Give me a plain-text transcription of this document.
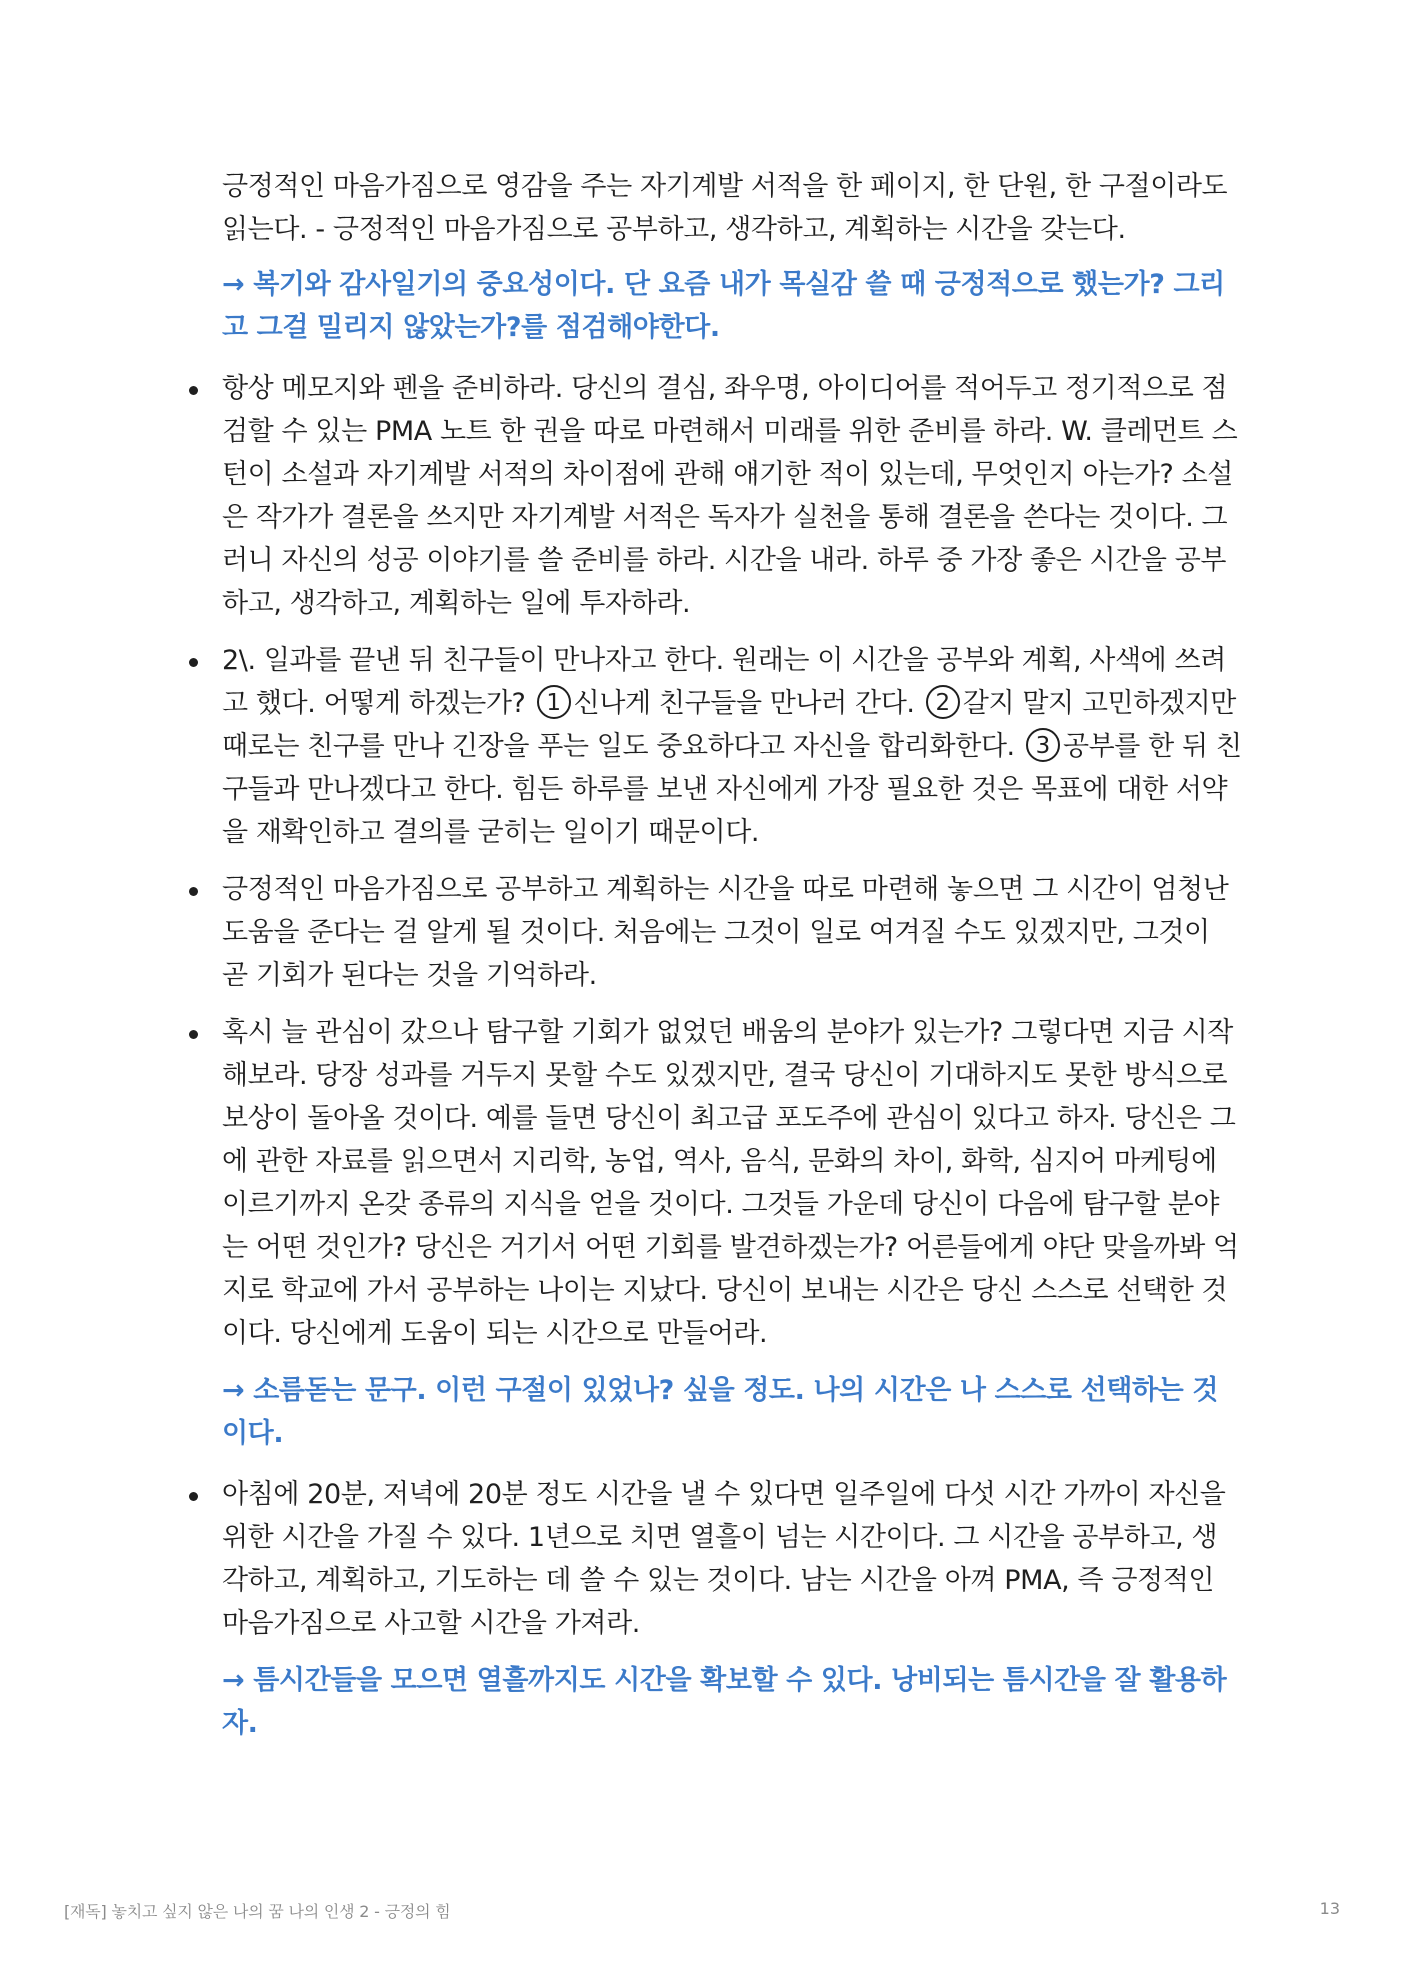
긍정적인 마음가짐으로 영감을 주는 자기계발 서적을 한 페이지, 한 단원, 한 구절이라도 읽는다. - 긍정적인 마음가짐으로 공부하고, 생각하고, 계획하는 시간을 갖는다.

→ 복기와 감사일기의 중요성이다. 단 요즘 내가 목실감 쓸 때 긍정적으로 했는가? 그리고 그걸 밀리지 않았는가?를 점검해야한다.

항상 메모지와 펜을 준비하라. 당신의 결심, 좌우명, 아이디어를 적어두고 정기적으로 점검할 수 있는 PMA 노트 한 권을 따로 마련해서 미래를 위한 준비를 하라. W. 클레먼트 스턴이 소설과 자기계발 서적의 차이점에 관해 얘기한 적이 있는데, 무엇인지 아는가? 소설은 작가가 결론을 쓰지만 자기계발 서적은 독자가 실천을 통해 결론을 쓴다는 것이다. 그러니 자신의 성공 이야기를 쓸 준비를 하라. 시간을 내라. 하루 중 가장 좋은 시간을 공부하고, 생각하고, 계획하는 일에 투자하라.

2\. 일과를 끝낸 뒤 친구들이 만나자고 한다. 원래는 이 시간을 공부와 계획, 사색에 쓰려고 했다. 어떻게 하겠는가? 1 신나게 친구들을 만나러 간다. 2 갈지 말지 고민하겠지만 때로는 친구를 만나 긴장을 푸는 일도 중요하다고 자신을 합리화한다. 3 공부를 한 뒤 친구들과 만나겠다고 한다. 힘든 하루를 보낸 자신에게 가장 필요한 것은 목표에 대한 서약을 재확인하고 결의를 굳히는 일이기 때문이다.

긍정적인 마음가짐으로 공부하고 계획하는 시간을 따로 마련해 놓으면 그 시간이 엄청난 도움을 준다는 걸 알게 될 것이다. 처음에는 그것이 일로 여겨질 수도 있겠지만, 그것이 곧 기회가 된다는 것을 기억하라.

혹시 늘 관심이 갔으나 탐구할 기회가 없었던 배움의 분야가 있는가? 그렇다면 지금 시작해보라. 당장 성과를 거두지 못할 수도 있겠지만, 결국 당신이 기대하지도 못한 방식으로 보상이 돌아올 것이다. 예를 들면 당신이 최고급 포도주에 관심이 있다고 하자. 당신은 그에 관한 자료를 읽으면서 지리학, 농업, 역사, 음식, 문화의 차이, 화학, 심지어 마케팅에 이르기까지 온갖 종류의 지식을 얻을 것이다. 그것들 가운데 당신이 다음에 탐구할 분야는 어떤 것인가? 당신은 거기서 어떤 기회를 발견하겠는가? 어른들에게 야단 맞을까봐 억지로 학교에 가서 공부하는 나이는 지났다. 당신이 보내는 시간은 당신 스스로 선택한 것이다. 당신에게 도움이 되는 시간으로 만들어라.

→ 소름돋는 문구. 이런 구절이 있었나? 싶을 정도. 나의 시간은 나 스스로 선택하는 것이다.

아침에 20분, 저녁에 20분 정도 시간을 낼 수 있다면 일주일에 다섯 시간 가까이 자신을 위한 시간을 가질 수 있다. 1년으로 치면 열흘이 넘는 시간이다. 그 시간을 공부하고, 생각하고, 계획하고, 기도하는 데 쓸 수 있는 것이다. 남는 시간을 아껴 PMA, 즉 긍정적인 마음가짐으로 사고할 시간을 가져라.

→ 틈시간들을 모으면 열흘까지도 시간을 확보할 수 있다. 낭비되는 틈시간을 잘 활용하자.

[재독] 놓치고 싶지 않은 나의 꿈 나의 인생 2 - 긍정의 힘	13
